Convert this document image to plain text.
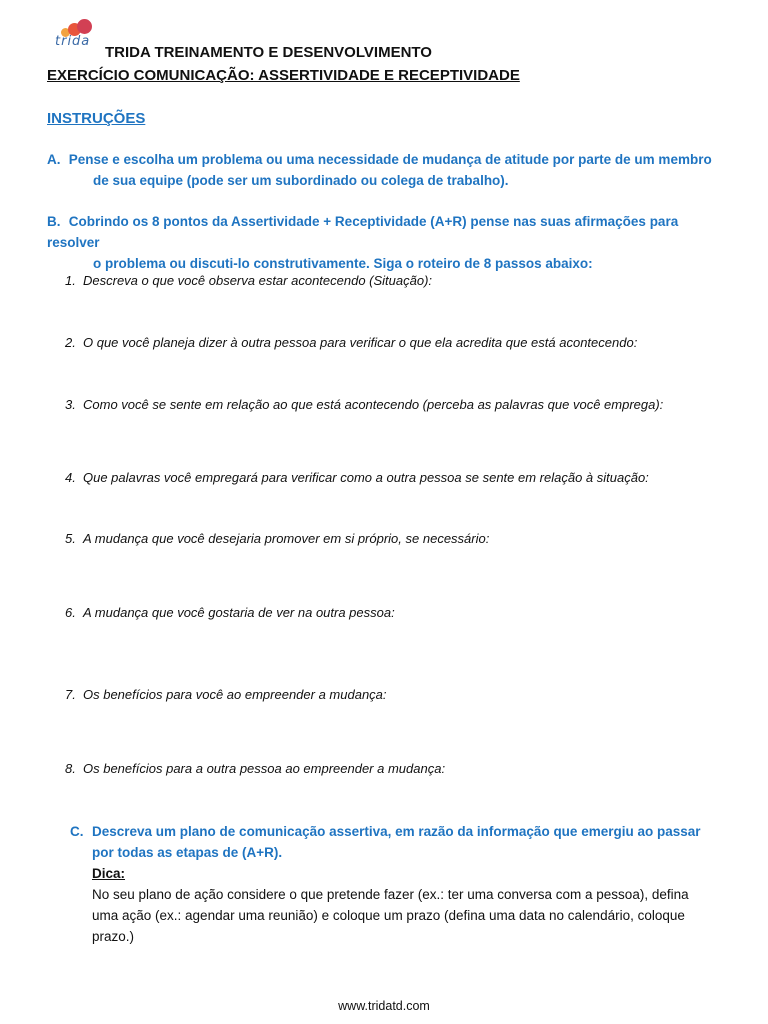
trida
TRIDA TREINAMENTO E DESENVOLVIMENTO
EXERCÍCIO COMUNICAÇÃO: ASSERTIVIDADE E RECEPTIVIDADE
INSTRUÇÕES
A. Pense e escolha um problema ou uma necessidade de mudança de atitude por parte de um membro
de sua equipe (pode ser um subordinado ou colega de trabalho).
B. Cobrindo os 8 pontos da Assertividade + Receptividade (A+R) pense nas suas afirmações para resolver
o problema ou discuti-lo construtivamente. Siga o roteiro de 8 passos abaixo:
1. Descreva o que você observa estar acontecendo (Situação):
2. O que você planeja dizer à outra pessoa para verificar o que ela acredita que está acontecendo:
3. Como você se sente em relação ao que está acontecendo (perceba as palavras que você emprega):
4. Que palavras você empregará para verificar como a outra pessoa se sente em relação à situação:
5. A mudança que você desejaria promover em si próprio, se necessário:
6. A mudança que você gostaria de ver na outra pessoa:
7. Os benefícios para você ao empreender a mudança:
8. Os benefícios para a outra pessoa ao empreender a mudança:
C. Descreva um plano de comunicação assertiva, em razão da informação que emergiu ao passar
por todas as etapas de (A+R).
Dica:
No seu plano de ação considere o que pretende fazer (ex.: ter uma conversa com a pessoa), defina
uma ação (ex.: agendar uma reunião) e coloque um prazo (defina uma data no calendário, coloque
prazo.)
www.tridatd.com
